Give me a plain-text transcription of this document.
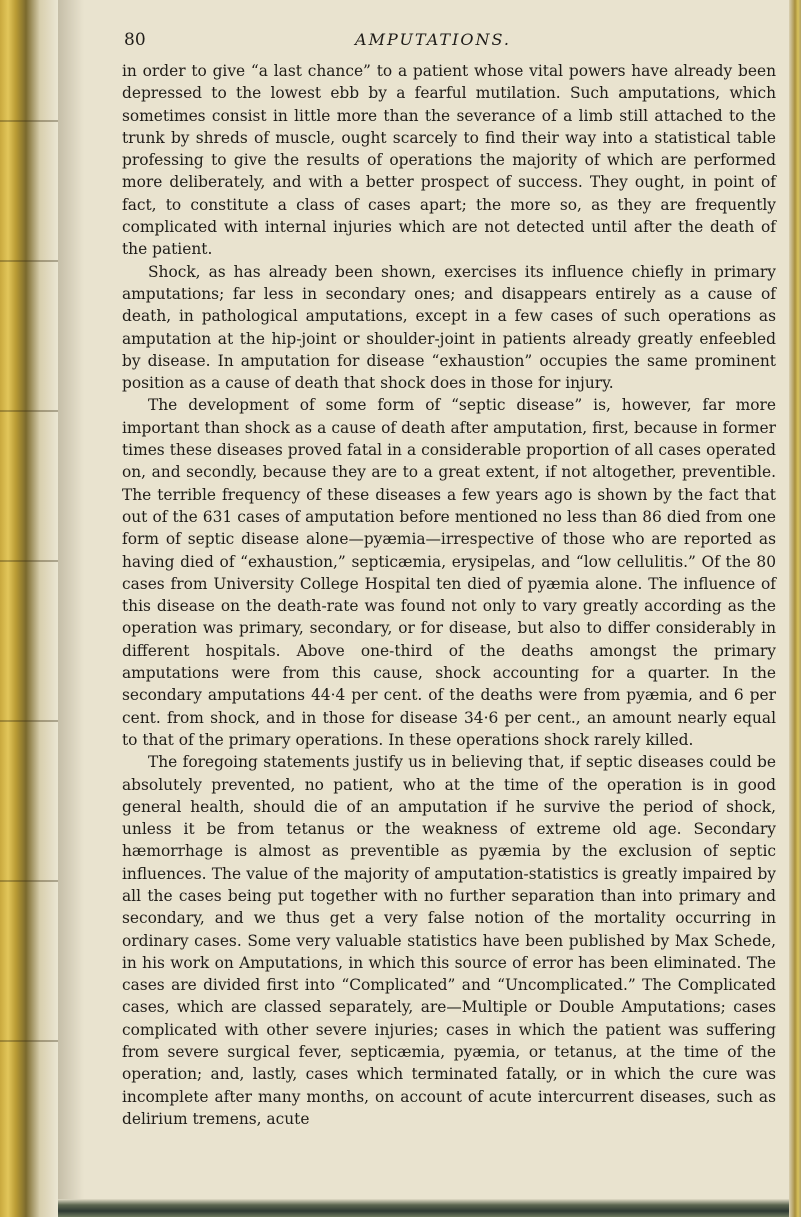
80	AMPUTATIONS.

in order to give “a last chance” to a patient whose vital powers have already been depressed to the lowest ebb by a fearful mutilation. Such amputations, which sometimes consist in little more than the severance of a limb still attached to the trunk by shreds of muscle, ought scarcely to find their way into a statistical table professing to give the results of operations the majority of which are performed more deliberately, and with a better prospect of success. They ought, in point of fact, to constitute a class of cases apart; the more so, as they are frequently complicated with internal injuries which are not detected until after the death of the patient.

Shock, as has already been shown, exercises its influence chiefly in primary amputations; far less in secondary ones; and disappears entirely as a cause of death, in pathological amputations, except in a few cases of such operations as amputation at the hip-joint or shoulder-joint in patients already greatly enfeebled by disease. In amputation for disease “exhaustion” occupies the same prominent position as a cause of death that shock does in those for injury.

The development of some form of “septic disease” is, however, far more important than shock as a cause of death after amputation, first, because in former times these diseases proved fatal in a considerable proportion of all cases operated on, and secondly, because they are to a great extent, if not altogether, preventible. The terrible frequency of these diseases a few years ago is shown by the fact that out of the 631 cases of amputation before mentioned no less than 86 died from one form of septic disease alone—pyæmia—irrespective of those who are reported as having died of “exhaustion,” septicæmia, erysipelas, and “low cellulitis.” Of the 80 cases from University College Hospital ten died of pyæmia alone. The influence of this disease on the death-rate was found not only to vary greatly according as the operation was primary, secondary, or for disease, but also to differ considerably in different hospitals. Above one-third of the deaths amongst the primary amputations were from this cause, shock accounting for a quarter. In the secondary amputations 44·4 per cent. of the deaths were from pyæmia, and 6 per cent. from shock, and in those for disease 34·6 per cent., an amount nearly equal to that of the primary operations. In these operations shock rarely killed.

The foregoing statements justify us in believing that, if septic diseases could be absolutely prevented, no patient, who at the time of the operation is in good general health, should die of an amputation if he survive the period of shock, unless it be from tetanus or the weakness of extreme old age. Secondary hæmorrhage is almost as preventible as pyæmia by the exclusion of septic influences. The value of the majority of amputation-statistics is greatly impaired by all the cases being put together with no further separation than into primary and secondary, and we thus get a very false notion of the mortality occurring in ordinary cases. Some very valuable statistics have been published by Max Schede, in his work on Amputations, in which this source of error has been eliminated. The cases are divided first into “Complicated” and “Uncomplicated.” The Complicated cases, which are classed separately, are—Multiple or Double Amputations; cases complicated with other severe injuries; cases in which the patient was suffering from severe surgical fever, septicæmia, pyæmia, or tetanus, at the time of the operation; and, lastly, cases which terminated fatally, or in which the cure was incomplete after many months, on account of acute intercurrent diseases, such as delirium tremens, acute
